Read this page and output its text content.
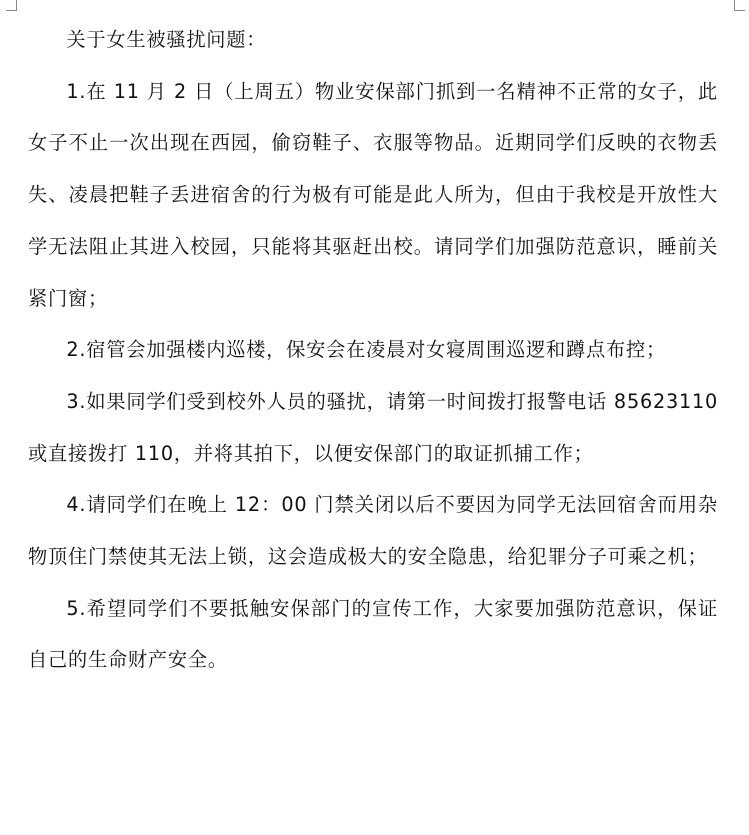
关于女生被骚扰问题：

1.在 11 月 2 日（上周五）物业安保部门抓到一名精神不正常的女子，此女子不止一次出现在西园，偷窃鞋子、衣服等物品。近期同学们反映的衣物丢失、凌晨把鞋子丢进宿舍的行为极有可能是此人所为，但由于我校是开放性大学无法阻止其进入校园，只能将其驱赶出校。请同学们加强防范意识，睡前关紧门窗；

2.宿管会加强楼内巡楼，保安会在凌晨对女寝周围巡逻和蹲点布控；

3.如果同学们受到校外人员的骚扰，请第一时间拨打报警电话 85623110 或直接拨打 110，并将其拍下，以便安保部门的取证抓捕工作；

4.请同学们在晚上 12：00 门禁关闭以后不要因为同学无法回宿舍而用杂物顶住门禁使其无法上锁，这会造成极大的安全隐患，给犯罪分子可乘之机；

5.希望同学们不要抵触安保部门的宣传工作，大家要加强防范意识，保证自己的生命财产安全。
